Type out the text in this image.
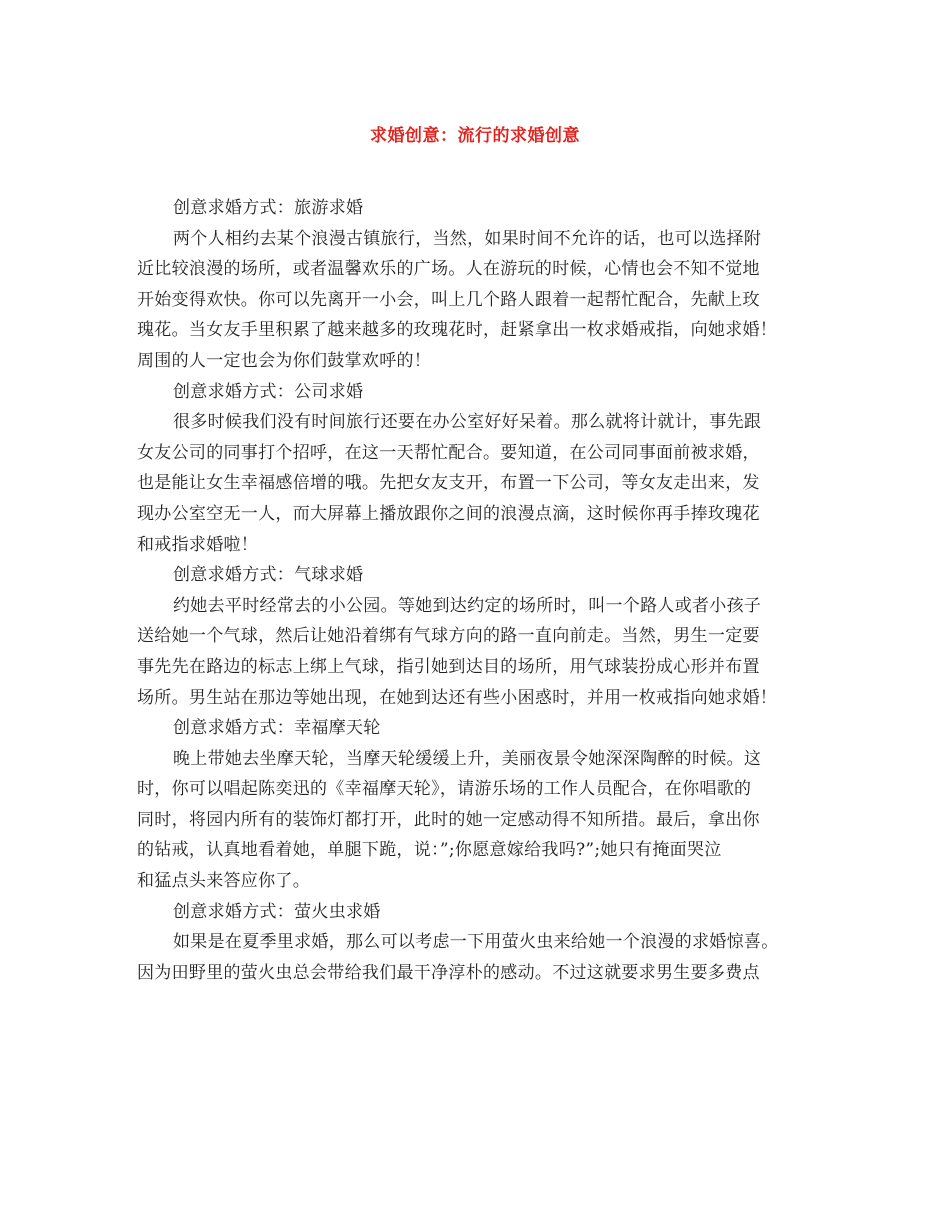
求婚创意：流行的求婚创意
创意求婚方式：旅游求婚
两个人相约去某个浪漫古镇旅行，当然，如果时间不允许的话，也可以选择附
近比较浪漫的场所，或者温馨欢乐的广场。人在游玩的时候，心情也会不知不觉地
开始变得欢快。你可以先离开一小会，叫上几个路人跟着一起帮忙配合，先献上玫
瑰花。当女友手里积累了越来越多的玫瑰花时，赶紧拿出一枚求婚戒指，向她求婚！
周围的人一定也会为你们鼓掌欢呼的！
创意求婚方式：公司求婚
很多时候我们没有时间旅行还要在办公室好好呆着。那么就将计就计，事先跟
女友公司的同事打个招呼，在这一天帮忙配合。要知道，在公司同事面前被求婚，
也是能让女生幸福感倍增的哦。先把女友支开，布置一下公司，等女友走出来，发
现办公室空无一人，而大屏幕上播放跟你之间的浪漫点滴，这时候你再手捧玫瑰花
和戒指求婚啦！
创意求婚方式：气球求婚
约她去平时经常去的小公园。等她到达约定的场所时，叫一个路人或者小孩子
送给她一个气球，然后让她沿着绑有气球方向的路一直向前走。当然，男生一定要
事先先在路边的标志上绑上气球，指引她到达目的场所，用气球装扮成心形并布置
场所。男生站在那边等她出现，在她到达还有些小困惑时，并用一枚戒指向她求婚！
创意求婚方式：幸福摩天轮
晚上带她去坐摩天轮，当摩天轮缓缓上升，美丽夜景令她深深陶醉的时候。这
时，你可以唱起陈奕迅的《幸福摩天轮》，请游乐场的工作人员配合，在你唱歌的
同时，将园内所有的装饰灯都打开，此时的她一定感动得不知所措。最后，拿出你
的钻戒，认真地看着她，单腿下跪，说：”;你愿意嫁给我吗?”;她只有掩面哭泣
和猛点头来答应你了。
创意求婚方式：萤火虫求婚
如果是在夏季里求婚，那么可以考虑一下用萤火虫来给她一个浪漫的求婚惊喜。
因为田野里的萤火虫总会带给我们最干净淳朴的感动。不过这就要求男生要多费点
